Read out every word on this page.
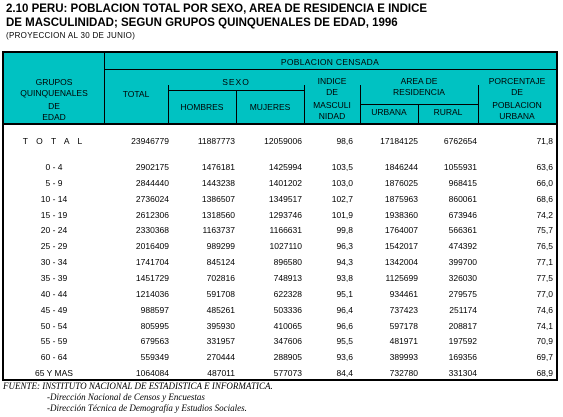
2.10 PERU: POBLACION TOTAL POR SEXO, AREA DE RESIDENCIA E INDICE
DE MASCULINIDAD; SEGUN GRUPOS QUINQUENALES DE EDAD, 1996
(PROYECCION AL 30 DE JUNIO)
GRUPOS
QUINQUENALES
DE
EDAD
POBLACION CENSADA
TOTAL
SEXO
HOMBRES	MUJERES
INDICE
DE
MASCULI
NIDAD
AREA DE
RESIDENCIA
URBANA	RURAL
PORCENTAJE
DE
POBLACION
URBANA
T O T A L	23946779	11887773	12059006	98,6	17184125	6762654	71,8
0 - 4	2902175	1476181	1425994	103,5	1846244	1055931	63,6
5 - 9	2844440	1443238	1401202	103,0	1876025	968415	66,0
10 - 14	2736024	1386507	1349517	102,7	1875963	860061	68,6
15 - 19	2612306	1318560	1293746	101,9	1938360	673946	74,2
20 - 24	2330368	1163737	1166631	99,8	1764007	566361	75,7
25 - 29	2016409	989299	1027110	96,3	1542017	474392	76,5
30 - 34	1741704	845124	896580	94,3	1342004	399700	77,1
35 - 39	1451729	702816	748913	93,8	1125699	326030	77,5
40 - 44	1214036	591708	622328	95,1	934461	279575	77,0
45 - 49	988597	485261	503336	96,4	737423	251174	74,6
50 - 54	805995	395930	410065	96,6	597178	208817	74,1
55 - 59	679563	331957	347606	95,5	481971	197592	70,9
60 - 64	559349	270444	288905	93,6	389993	169356	69,7
65 Y MAS	1064084	487011	577073	84,4	732780	331304	68,9
FUENTE: INSTITUTO NACIONAL DE ESTADISTICA E INFORMATICA.
-Dirección Nacional de Censos y Encuestas
-Dirección Técnica de Demografía y Estudios Sociales.
